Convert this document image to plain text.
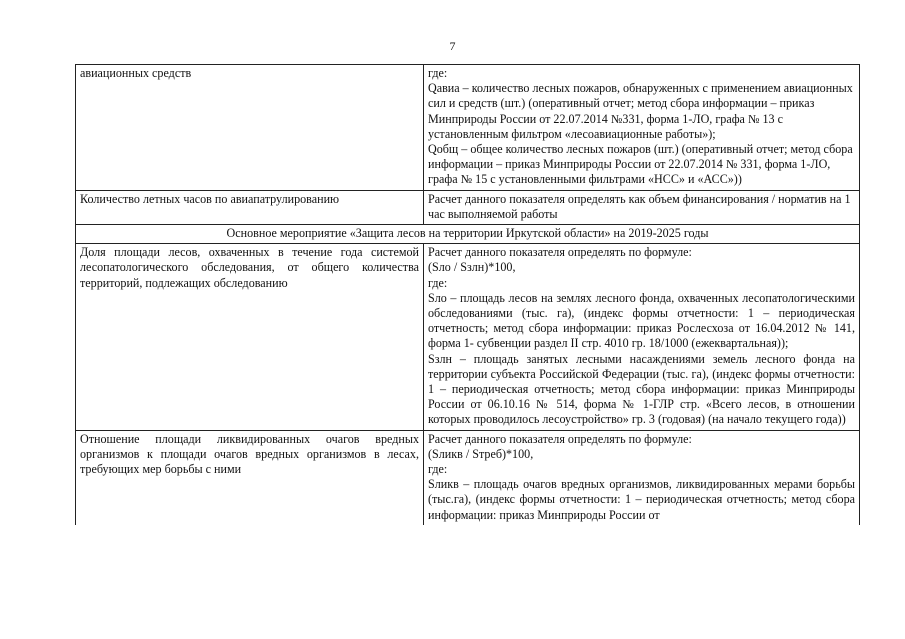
7

авиационных средств	где:

Qавиа – количество лесных пожаров, обнаруженных с применением авиационных сил и средств (шт.) (оперативный отчет; метод сбора информации – приказ Минприроды России от 22.07.2014 №331, форма 1-ЛО, графа № 13 с установленным фильтром «лесоавиационные работы»);

Qобщ – общее количество лесных пожаров (шт.) (оперативный отчет; метод сбора информации – приказ Минприроды России от 22.07.2014 № 331, форма 1-ЛО, графа № 15 с установленными фильтрами «НСС» и «АСС»))

Количество летных часов по авиапатрулированию	Расчет данного показателя определять как объем финансирования / норматив на 1 час выполняемой работы

Основное мероприятие «Защита лесов на территории Иркутской области» на 2019-2025 годы	

Доля площади лесов, охваченных в течение года системой лесопатологического обследования, от общего количества территорий, подлежащих обследованию	Расчет данного показателя определять по формуле:

(Sло / Sзлн)*100,

где:

Sло – площадь лесов на землях лесного фонда, охваченных лесопатологическими обследованиями (тыс. га), (индекс формы отчетности: 1 – периодическая отчетность; метод сбора информации: приказ Рослесхоза от 16.04.2012 № 141, форма 1- субвенции раздел II стр. 4010 гр. 18/1000 (ежеквартальная));

Sзлн – площадь занятых лесными насаждениями земель лесного фонда на территории субъекта Российской Федерации (тыс. га), (индекс формы отчетности: 1 – периодическая отчетность; метод сбора информации: приказ Минприроды России от 06.10.16 № 514, форма № 1-ГЛР стр. «Всего лесов, в отношении которых проводилось лесоустройство» гр. 3 (годовая) (на начало текущего года))

Отношение площади ликвидированных очагов вредных организмов к площади очагов вредных организмов в лесах, требующих мер борьбы с ними	Расчет данного показателя определять по формуле:

(Sликв / Sтреб)*100,

где:

Sликв – площадь очагов вредных организмов, ликвидированных мерами борьбы (тыс.га), (индекс формы отчетности: 1 – периодическая отчетность; метод сбора информации: приказ Минприроды России от
